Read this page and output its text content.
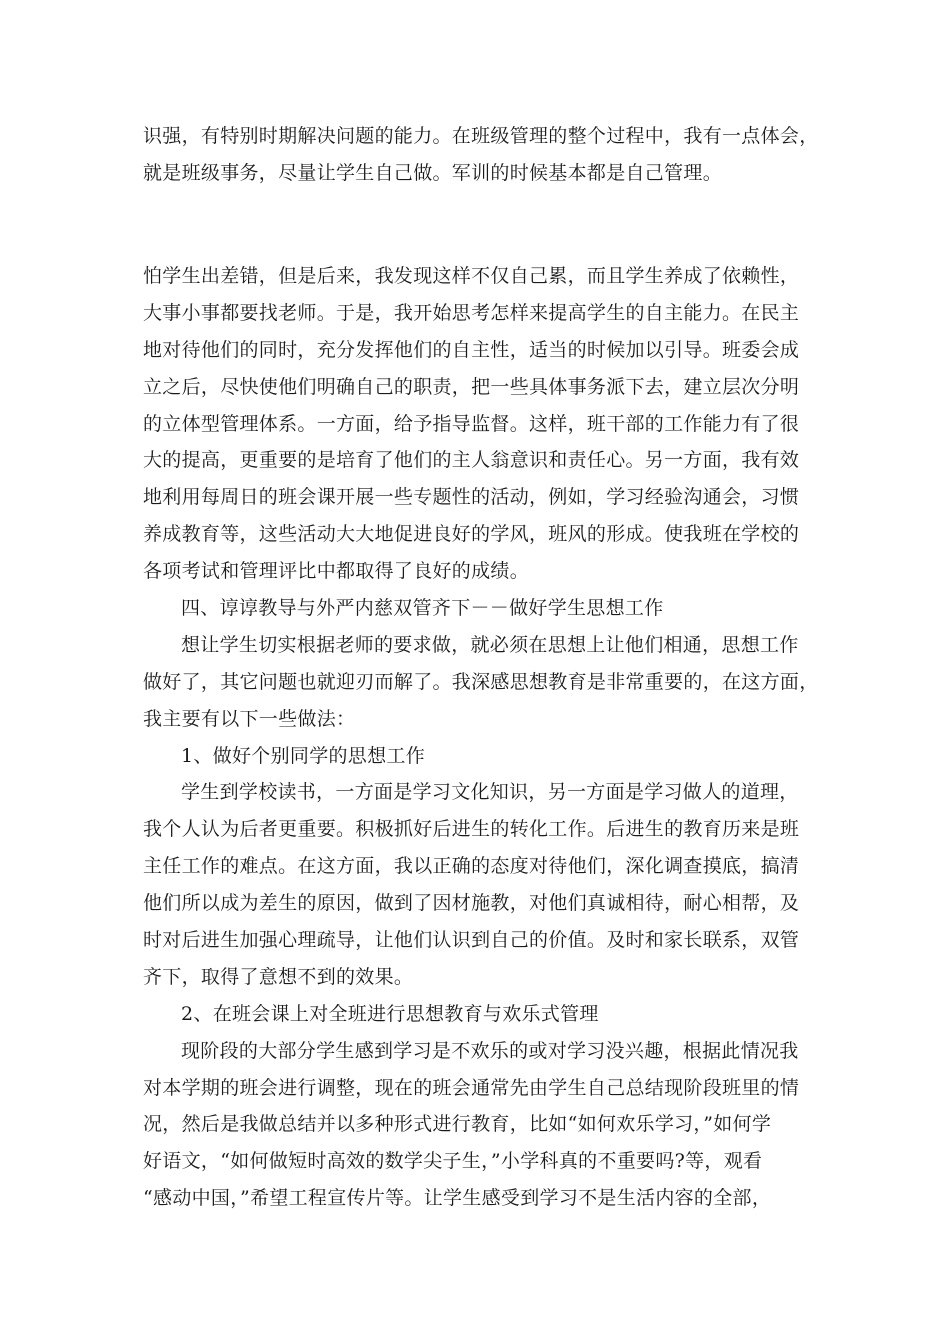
识强，有特别时期解决问题的能力。在班级管理的整个过程中，我有一点体会，
就是班级事务，尽量让学生自己做。军训的时候基本都是自己管理。
怕学生出差错，但是后来，我发现这样不仅自己累，而且学生养成了依赖性，
大事小事都要找老师。于是，我开始思考怎样来提高学生的自主能力。在民主
地对待他们的同时，充分发挥他们的自主性，适当的时候加以引导。班委会成
立之后，尽快使他们明确自己的职责，把一些具体事务派下去，建立层次分明
的立体型管理体系。一方面，给予指导监督。这样，班干部的工作能力有了很
大的提高，更重要的是培育了他们的主人翁意识和责任心。另一方面，我有效
地利用每周日的班会课开展一些专题性的活动，例如，学习经验沟通会，习惯
养成教育等，这些活动大大地促进良好的学风，班风的形成。使我班在学校的
各项考试和管理评比中都取得了良好的成绩。
四、谆谆教导与外严内慈双管齐下－－做好学生思想工作
想让学生切实根据老师的要求做，就必须在思想上让他们相通，思想工作
做好了，其它问题也就迎刃而解了。我深感思想教育是非常重要的，在这方面，
我主要有以下一些做法：
1、做好个别同学的思想工作
学生到学校读书，一方面是学习文化知识，另一方面是学习做人的道理，
我个人认为后者更重要。积极抓好后进生的转化工作。后进生的教育历来是班
主任工作的难点。在这方面，我以正确的态度对待他们，深化调查摸底，搞清
他们所以成为差生的原因，做到了因材施教，对他们真诚相待，耐心相帮，及
时对后进生加强心理疏导，让他们认识到自己的价值。及时和家长联系，双管
齐下，取得了意想不到的效果。
2、在班会课上对全班进行思想教育与欢乐式管理
现阶段的大部分学生感到学习是不欢乐的或对学习没兴趣，根据此情况我
对本学期的班会进行调整，现在的班会通常先由学生自己总结现阶段班里的情
况，然后是我做总结并以多种形式进行教育，比如“如何欢乐学习，”如何学
好语文，“如何做短时高效的数学尖子生，”小学科真的不重要吗?等，观看
“感动中国，”希望工程宣传片等。让学生感受到学习不是生活内容的全部，
